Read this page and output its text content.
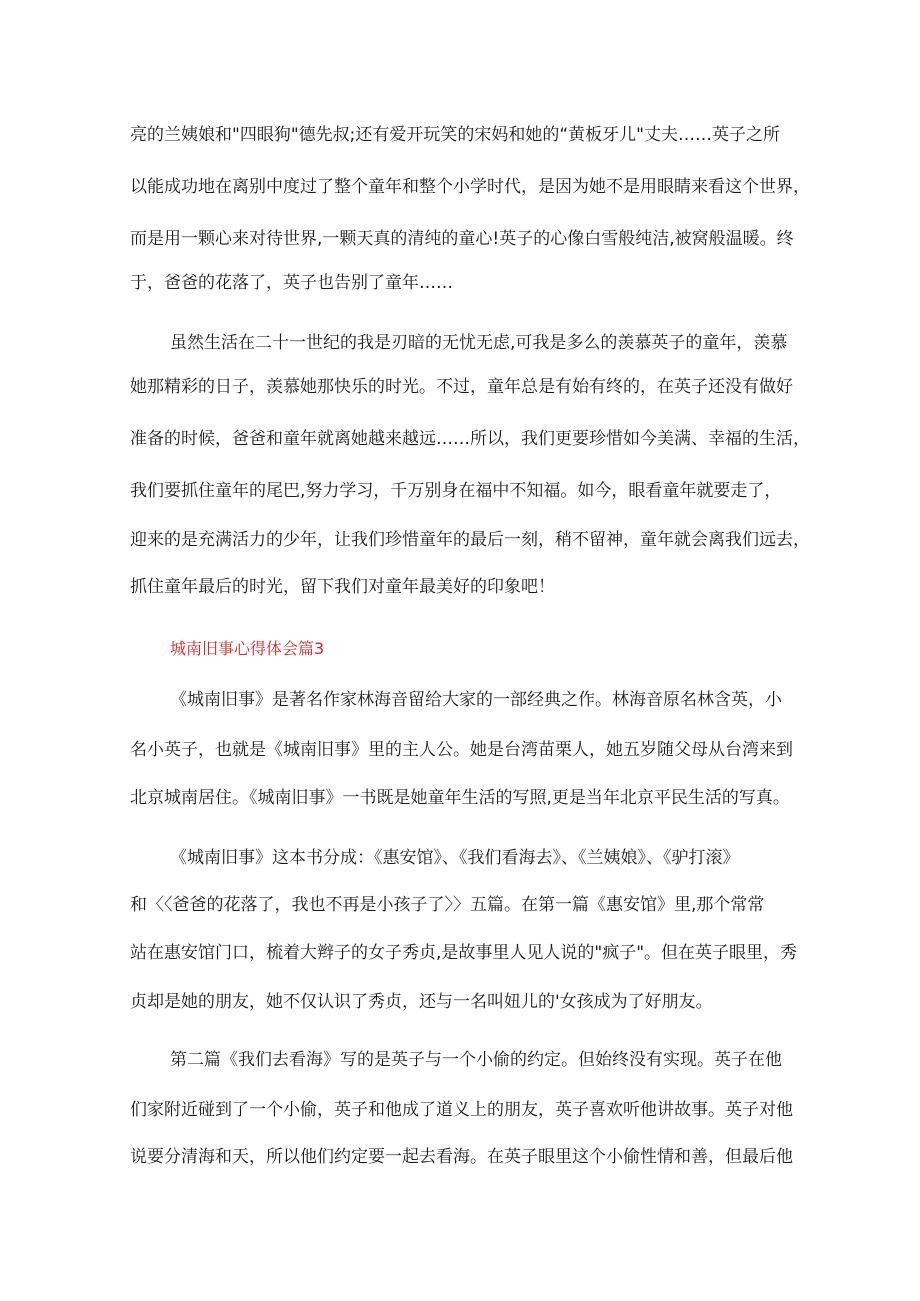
亮的兰姨娘和"四眼狗"德先叔;还有爱开玩笑的宋妈和她的“黄板牙儿"丈夫……英子之所

以能成功地在离别中度过了整个童年和整个小学时代，是因为她不是用眼睛来看这个世界，

而是用一颗心来对待世界,一颗天真的清纯的童心!英子的心像白雪般纯洁,被窝般温暖。终

于，爸爸的花落了，英子也告别了童年……

虽然生活在二十一世纪的我是刃暗的无忧无虑,可我是多么的羡慕英子的童年，羡慕

她那精彩的日子，羡慕她那快乐的时光。不过，童年总是有始有终的，在英子还没有做好

准备的时候，爸爸和童年就离她越来越远……所以，我们更要珍惜如今美满、幸福的生活，

我们要抓住童年的尾巴,努力学习，千万别身在福中不知福。如今，眼看童年就要走了，

迎来的是充满活力的少年，让我们珍惜童年的最后一刻，稍不留神，童年就会离我们远去，

抓住童年最后的时光，留下我们对童年最美好的印象吧！

城南旧事心得体会篇3

《城南旧事》是著名作家林海音留给大家的一部经典之作。林海音原名林含英，小

名小英子，也就是《城南旧事》里的主人公。她是台湾苗栗人，她五岁随父母从台湾来到

北京城南居住。《城南旧事》一书既是她童年生活的写照,更是当年北京平民生活的写真。

《城南旧事》这本书分成：《惠安馆》、《我们看海去》、《兰姨娘》、《驴打滚》

和〈〈爸爸的花落了，我也不再是小孩子了〉〉五篇。在第一篇《惠安馆》里,那个常常

站在惠安馆门口，梳着大辫子的女子秀贞,是故事里人见人说的"疯子"。但在英子眼里，秀

贞却是她的朋友，她不仅认识了秀贞，还与一名叫妞儿的'女孩成为了好朋友。

第二篇《我们去看海》写的是英子与一个小偷的约定。但始终没有实现。英子在他

们家附近碰到了一个小偷，英子和他成了道义上的朋友，英子喜欢听他讲故事。英子对他

说要分清海和天，所以他们约定要一起去看海。在英子眼里这个小偷性情和善，但最后他
